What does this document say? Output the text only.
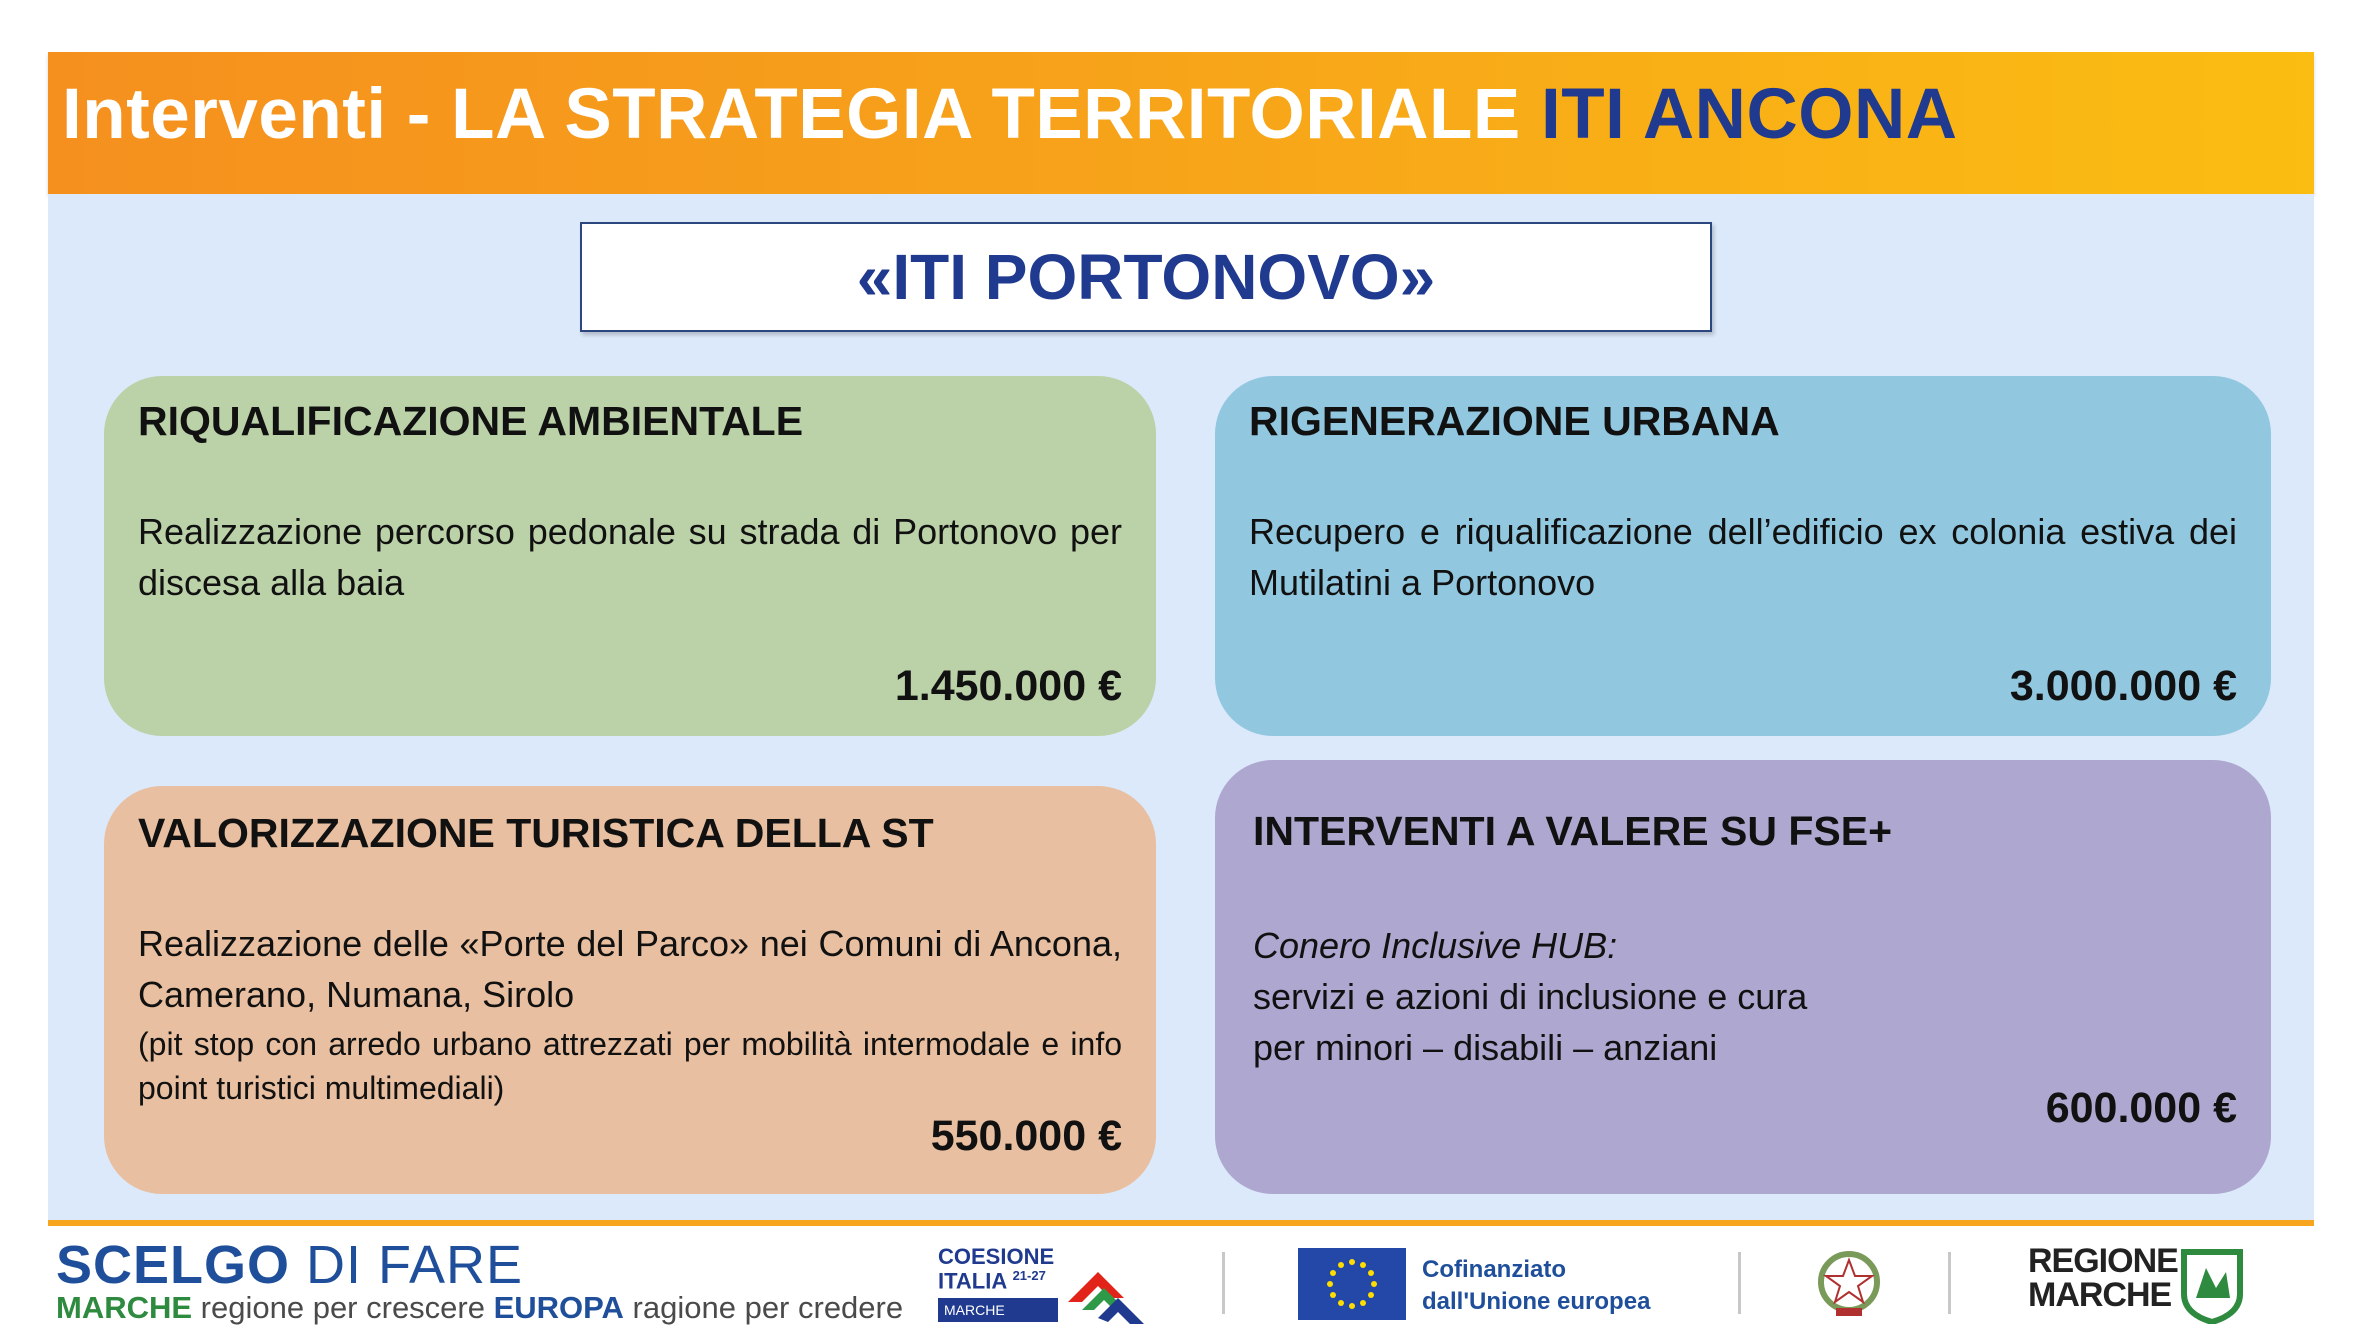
Interventi - LA STRATEGIA TERRITORIALE ITI ANCONA
«ITI PORTONOVO»
RIQUALIFICAZIONE AMBIENTALE
Realizzazione percorso pedonale su strada di Portonovo per discesa alla baia
1.450.000 €
RIGENERAZIONE URBANA
Recupero e riqualificazione dell’edificio ex colonia estiva dei Mutilatini a Portonovo
3.000.000 €
VALORIZZAZIONE TURISTICA DELLA ST
Realizzazione delle «Porte del Parco» nei Comuni di Ancona, Camerano, Numana, Sirolo
(pit stop con arredo urbano attrezzati per mobilità intermodale e info point turistici multimediali)
550.000 €
INTERVENTI A VALERE SU FSE+
Conero Inclusive HUB:
servizi e azioni di inclusione e cura
per minori – disabili – anziani
600.000 €
SCELGO DI FARE
MARCHE regione per crescere EUROPA ragione per credere
COESIONE
ITALIA $^{21-27}$
MARCHE
Cofinanziato
dall'Unione europea
REGIONE
MARCHE
